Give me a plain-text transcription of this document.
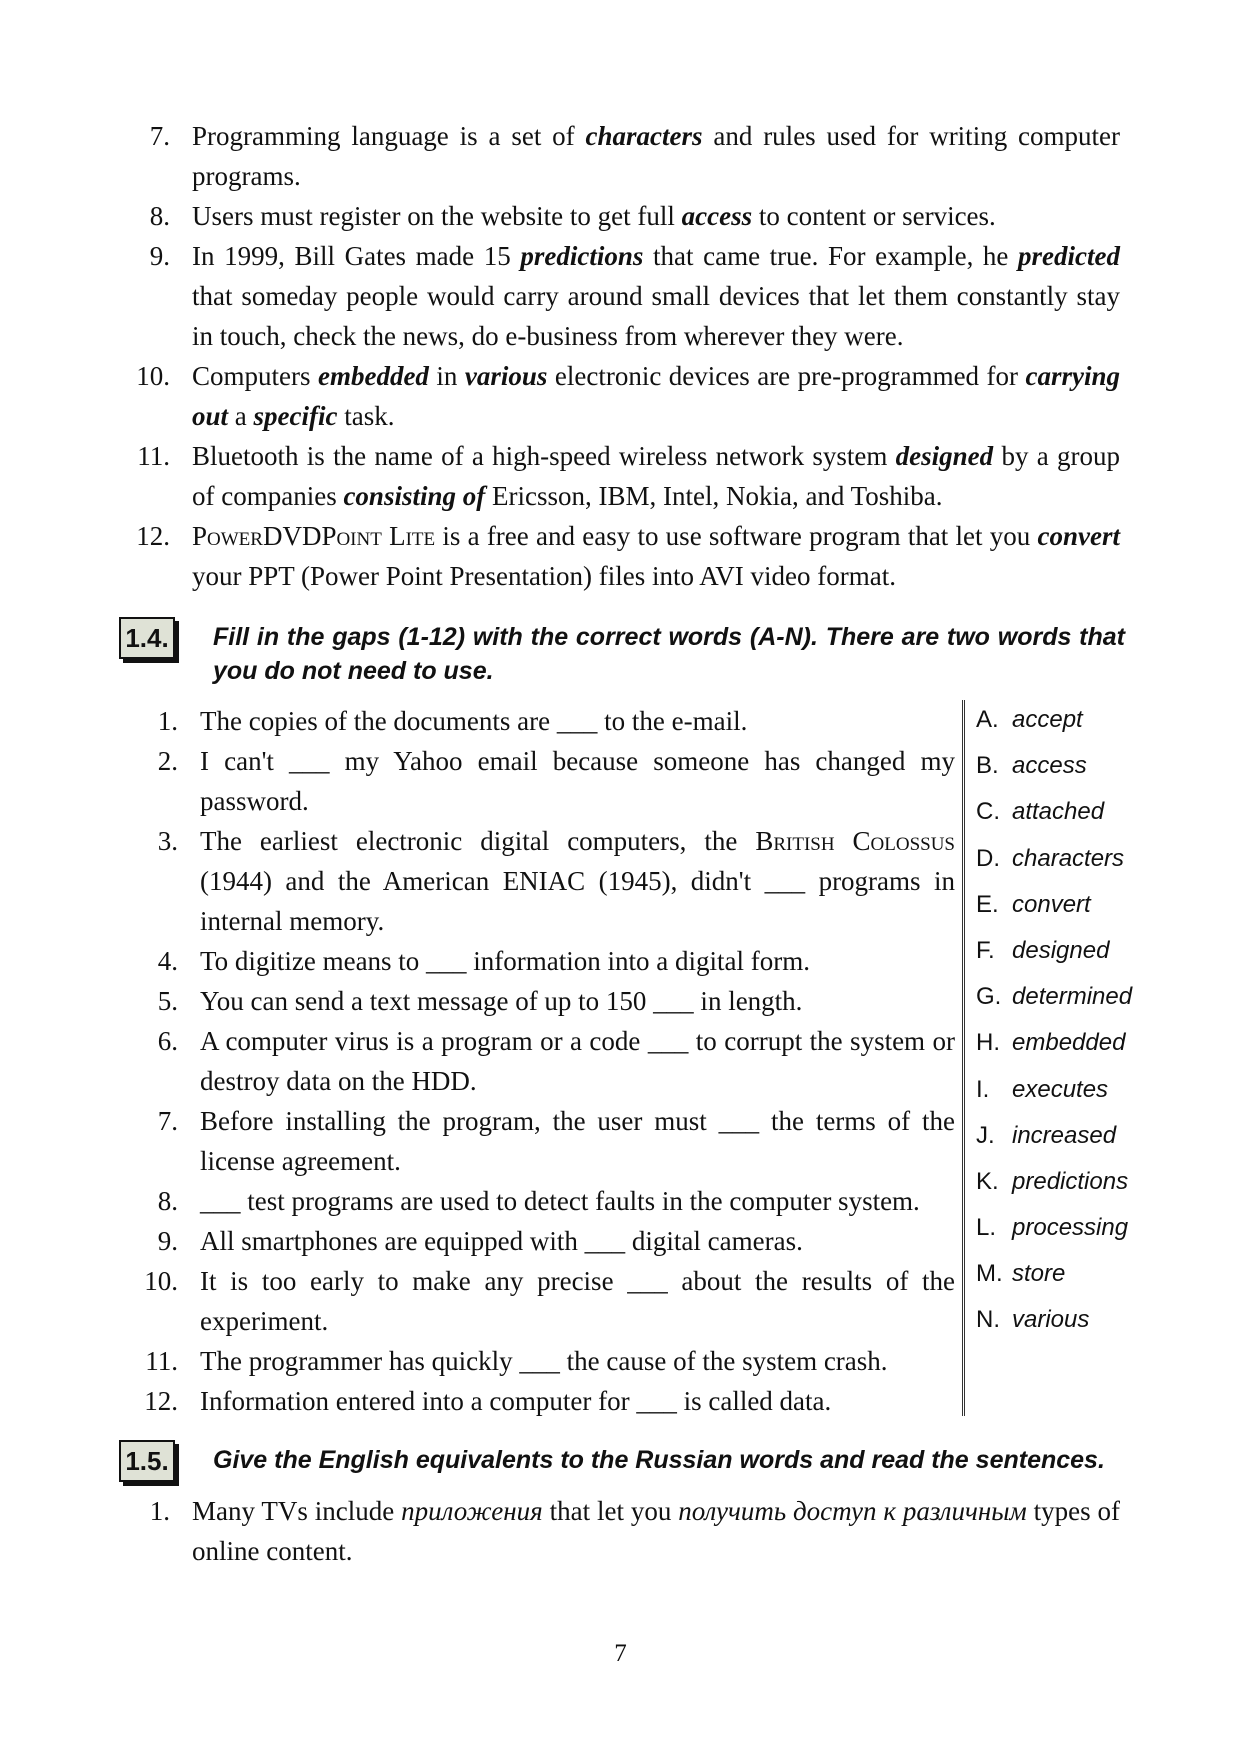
7. Programming language is a set of characters and rules used for writing computer programs.
8. Users must register on the website to get full access to content or services.
9. In 1999, Bill Gates made 15 predictions that came true. For example, he predicted that someday people would carry around small devices that let them constantly stay in touch, check the news, do e-business from wherever they were.
10. Computers embedded in various electronic devices are pre-programmed for carrying out a specific task.
11. Bluetooth is the name of a high-speed wireless network system designed by a group of companies consisting of Ericsson, IBM, Intel, Nokia, and Toshiba.
12. PowerDVDPoint Lite is a free and easy to use software program that let you convert your PPT (Power Point Presentation) files into AVI video format.
1.4. Fill in the gaps (1-12) with the correct words (A-N). There are two words that you do not need to use.
1. The copies of the documents are ___ to the e-mail.
2. I can't ___ my Yahoo email because someone has changed my password.
3. The earliest electronic digital computers, the British Colossus (1944) and the American ENIAC (1945), didn't ___ programs in internal memory.
4. To digitize means to ___ information into a digital form.
5. You can send a text message of up to 150 ___ in length.
6. A computer virus is a program or a code ___ to corrupt the system or destroy data on the HDD.
7. Before installing the program, the user must ___ the terms of the license agreement.
8. ___ test programs are used to detect faults in the computer system.
9. All smartphones are equipped with ___ digital cameras.
10. It is too early to make any precise ___ about the results of the experiment.
11. The programmer has quickly ___ the cause of the system crash.
12. Information entered into a computer for ___ is called data.
A. accept
B. access
C. attached
D. characters
E. convert
F. designed
G. determined
H. embedded
I. executes
J. increased
K. predictions
L. processing
M. store
N. various
1.5. Give the English equivalents to the Russian words and read the sentences.
1. Many TVs include приложения that let you получить доступ к различным types of online content.
7
